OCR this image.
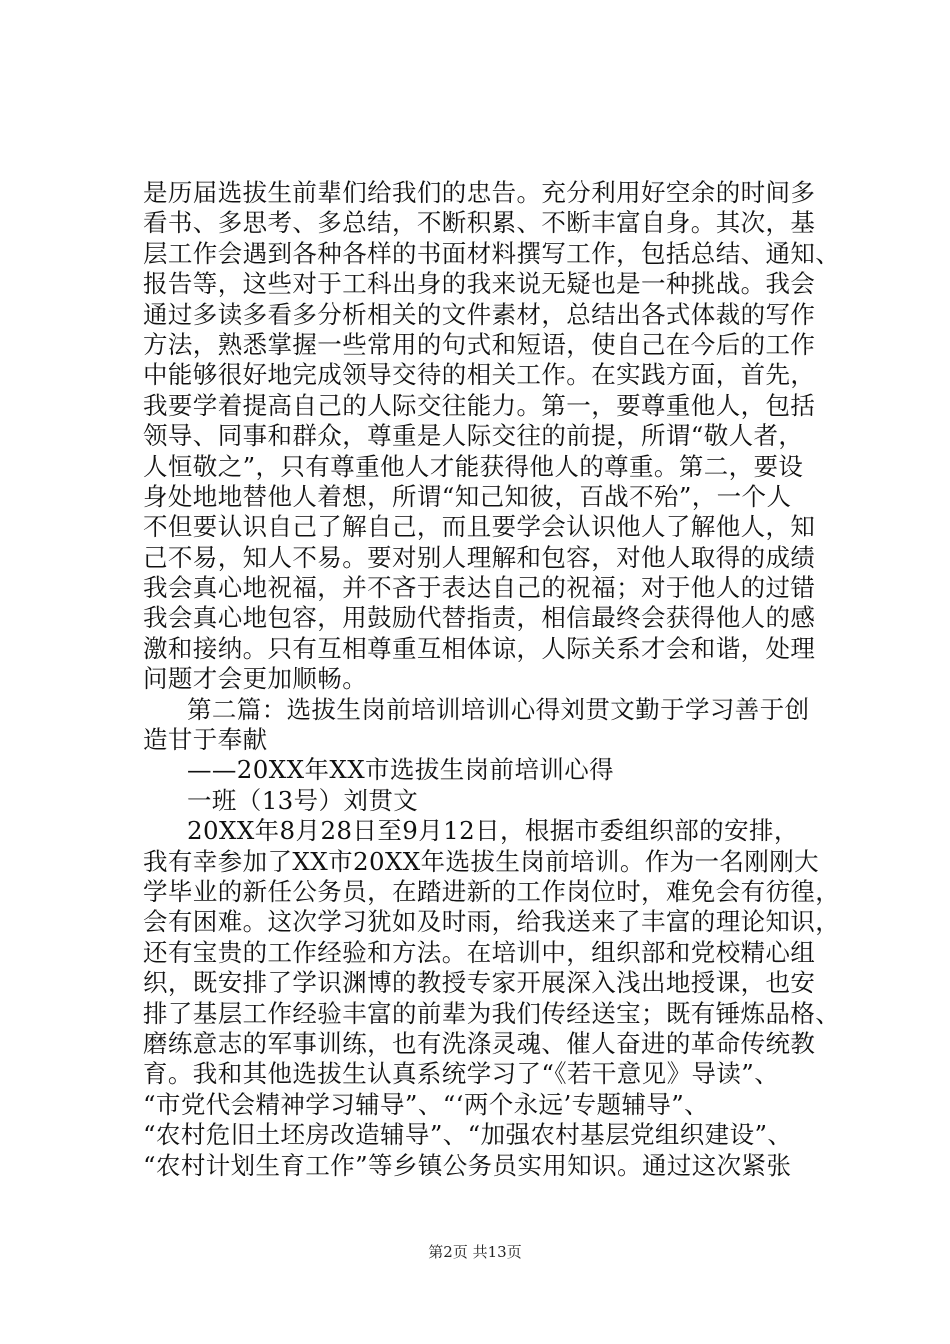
是历届选拔生前辈们给我们的忠告。充分利用好空余的时间多
看书、多思考、多总结，不断积累、不断丰富自身。其次，基
层工作会遇到各种各样的书面材料撰写工作，包括总结、通知、
报告等，这些对于工科出身的我来说无疑也是一种挑战。我会
通过多读多看多分析相关的文件素材，总结出各式体裁的写作
方法，熟悉掌握一些常用的句式和短语，使自己在今后的工作
中能够很好地完成领导交待的相关工作。在实践方面，首先，
我要学着提高自己的人际交往能力。第一，要尊重他人，包括
领导、同事和群众，尊重是人际交往的前提，所谓“敬人者，
人恒敬之”，只有尊重他人才能获得他人的尊重。第二，要设
身处地地替他人着想，所谓“知己知彼，百战不殆”，一个人
不但要认识自己了解自己，而且要学会认识他人了解他人，知
己不易，知人不易。要对别人理解和包容，对他人取得的成绩
我会真心地祝福，并不吝于表达自己的祝福；对于他人的过错
我会真心地包容，用鼓励代替指责，相信最终会获得他人的感
激和接纳。只有互相尊重互相体谅，人际关系才会和谐，处理
问题才会更加顺畅。
第二篇：选拔生岗前培训培训心得刘贯文勤于学习善于创
造甘于奉献
——20XX年XX市选拔生岗前培训心得
一班（13号）刘贯文
20XX年8月28日至9月12日，根据市委组织部的安排，
我有幸参加了XX市20XX年选拔生岗前培训。作为一名刚刚大
学毕业的新任公务员，在踏进新的工作岗位时，难免会有彷徨，
会有困难。这次学习犹如及时雨，给我送来了丰富的理论知识，
还有宝贵的工作经验和方法。在培训中，组织部和党校精心组
织，既安排了学识渊博的教授专家开展深入浅出地授课，也安
排了基层工作经验丰富的前辈为我们传经送宝；既有锤炼品格、
磨练意志的军事训练，也有洗涤灵魂、催人奋进的革命传统教
育。我和其他选拔生认真系统学习了“《若干意见》导读”、
“市党代会精神学习辅导”、“‘两个永远’专题辅导”、
“农村危旧土坯房改造辅导”、“加强农村基层党组织建设”、
“农村计划生育工作”等乡镇公务员实用知识。通过这次紧张
第2页 共13页
